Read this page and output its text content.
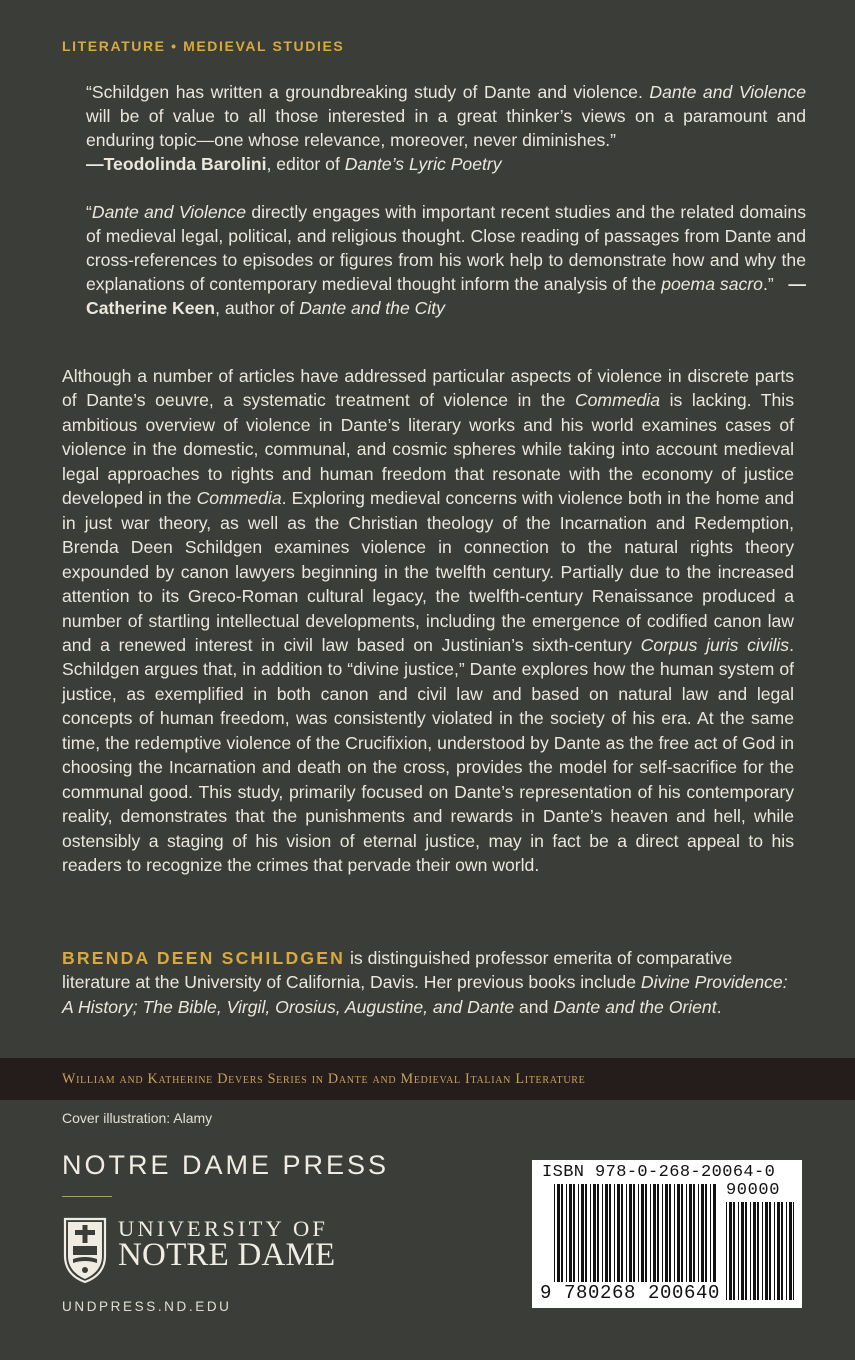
LITERATURE • MEDIEVAL STUDIES

“Schildgen has written a groundbreaking study of Dante and violence. Dante and Violence will be of value to all those interested in a great thinker’s views on a paramount and enduring topic—one whose relevance, moreover, never diminishes.”
—Teodolinda Barolini, editor of Dante’s Lyric Poetry

“Dante and Violence directly engages with important recent studies and the related domains of medieval legal, political, and religious thought. Close reading of passages from Dante and cross-references to episodes or figures from his work help to demonstrate how and why the explanations of contemporary medieval thought inform the analysis of the poema sacro.” —Catherine Keen, author of Dante and the City

Although a number of articles have addressed particular aspects of violence in discrete parts of Dante’s oeuvre, a systematic treatment of violence in the Commedia is lacking. This ambitious overview of violence in Dante’s literary works and his world examines cases of violence in the domestic, communal, and cosmic spheres while taking into account medieval legal approaches to rights and human freedom that resonate with the economy of justice developed in the Commedia. Exploring medieval concerns with violence both in the home and in just war theory, as well as the Christian theology of the Incarnation and Redemption, Brenda Deen Schildgen examines violence in connection to the natural rights theory expounded by canon lawyers beginning in the twelfth century. Partially due to the increased attention to its Greco-Roman cultural legacy, the twelfth-century Renaissance produced a number of startling intellectual developments, including the emergence of codified canon law and a renewed interest in civil law based on Justinian’s sixth-century Corpus juris civilis. Schildgen argues that, in addition to “divine justice,” Dante explores how the human system of justice, as exemplified in both canon and civil law and based on natural law and legal concepts of human freedom, was consistently violated in the society of his era. At the same time, the redemptive violence of the Crucifixion, understood by Dante as the free act of God in choosing the Incarnation and death on the cross, provides the model for self-sacrifice for the communal good. This study, primarily focused on Dante’s representation of his contemporary reality, demonstrates that the punishments and rewards in Dante’s heaven and hell, while ostensibly a staging of his vision of eternal justice, may in fact be a direct appeal to his readers to recognize the crimes that pervade their own world.

BRENDA DEEN SCHILDGEN is distinguished professor emerita of comparative literature at the University of California, Davis. Her previous books include Divine Providence: A History; The Bible, Virgil, Orosius, Augustine, and Dante and Dante and the Orient.

William and Katherine Devers Series in Dante and Medieval Italian Literature
Cover illustration: Alamy
NOTRE DAME PRESS
UNIVERSITY OF
NOTRE DAME
UNDPRESS.ND.EDU
ISBN 978-0-268-20064-0
90000
9 780268 200640
